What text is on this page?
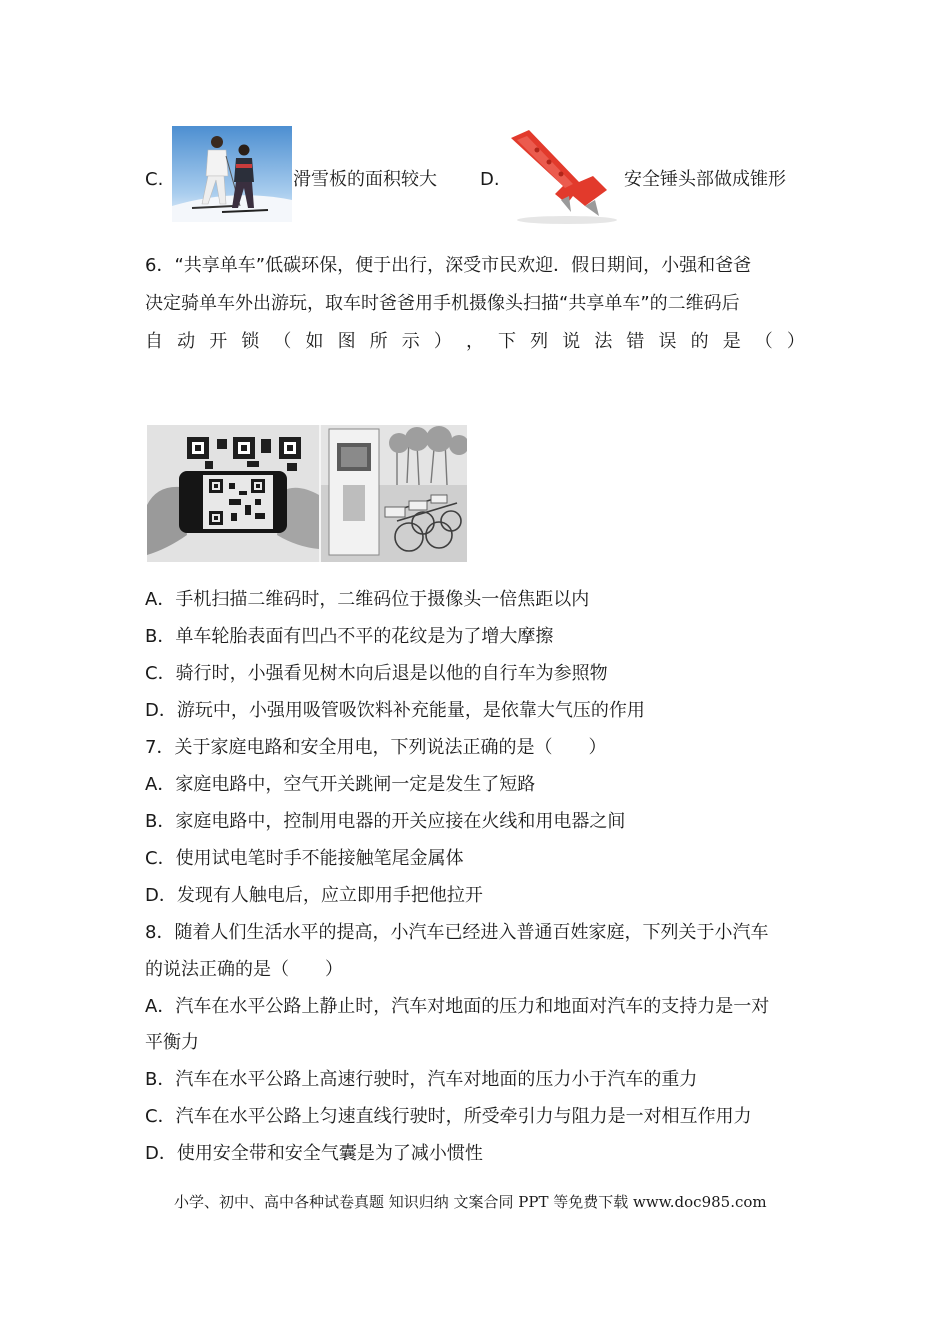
C.	滑雪板的面积较大 D.	安全锤头部做成锥形
6．“共享单车”低碳环保，便于出行，深受市民欢迎．假日期间，小强和爸爸
决定骑单车外出游玩，取车时爸爸用手机摄像头扫描“共享单车”的二维码后
自 动 开 锁 （ 如 图 所 示 ） ， 下 列 说 法 错 误 的 是 （ ）
A．手机扫描二维码时，二维码位于摄像头一倍焦距以内
B．单车轮胎表面有凹凸不平的花纹是为了增大摩擦
C．骑行时，小强看见树木向后退是以他的自行车为参照物
D．游玩中，小强用吸管吸饮料补充能量，是依靠大气压的作用
7．关于家庭电路和安全用电，下列说法正确的是（　　）
A．家庭电路中，空气开关跳闸一定是发生了短路
B．家庭电路中，控制用电器的开关应接在火线和用电器之间
C．使用试电笔时手不能接触笔尾金属体
D．发现有人触电后，应立即用手把他拉开
8．随着人们生活水平的提高，小汽车已经进入普通百姓家庭，下列关于小汽车
的说法正确的是（　　）
A．汽车在水平公路上静止时，汽车对地面的压力和地面对汽车的支持力是一对
平衡力
B．汽车在水平公路上高速行驶时，汽车对地面的压力小于汽车的重力
C．汽车在水平公路上匀速直线行驶时，所受牵引力与阻力是一对相互作用力
D．使用安全带和安全气囊是为了减小惯性
小学、初中、高中各种试卷真题 知识归纳 文案合同 PPT 等免费下载 www.doc985.com
